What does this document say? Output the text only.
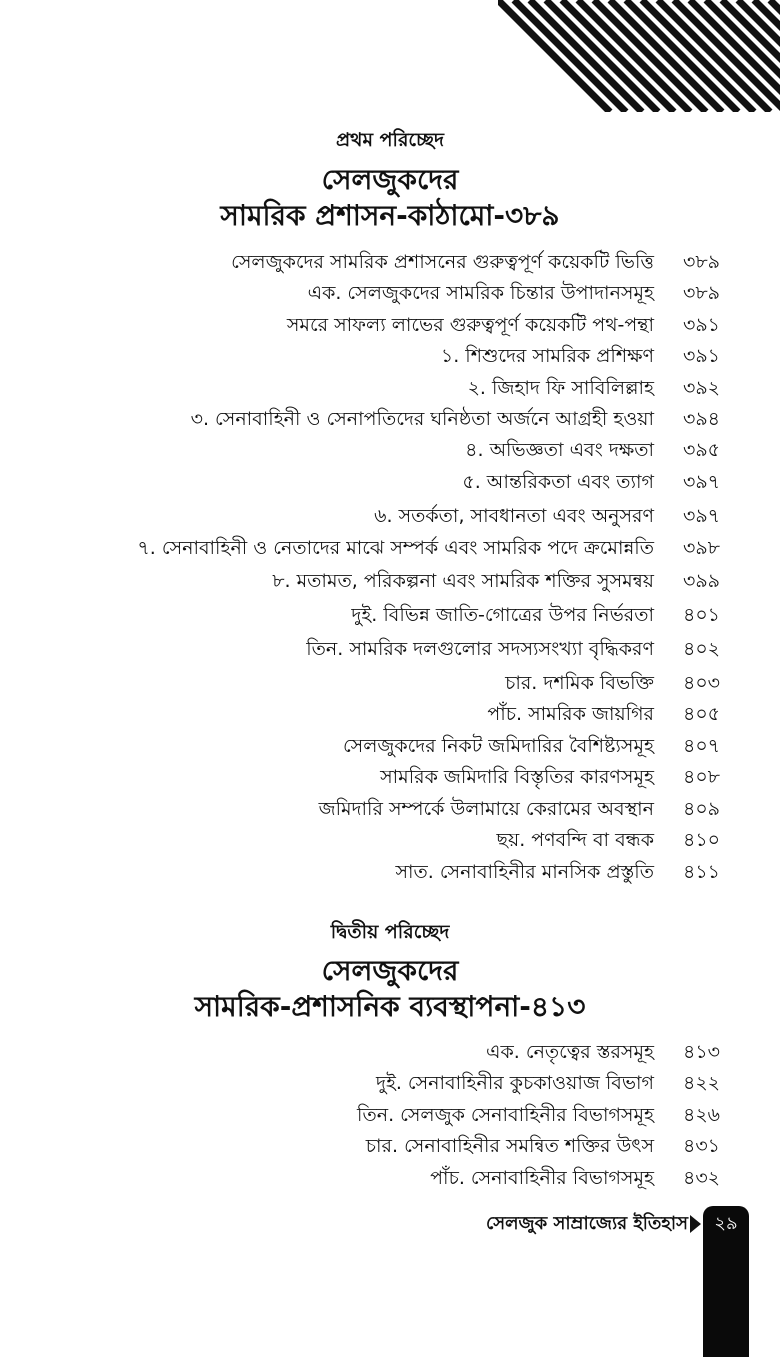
প্রথম পরিচ্ছেদ
সেলজুকদের
সামরিক প্রশাসন-কাঠামো-৩৮৯
সেলজুকদের সামরিক প্রশাসনের গুরুত্বপূর্ণ কয়েকটি ভিত্তি ৩৮৯
এক. সেলজুকদের সামরিক চিন্তার উপাদানসমূহ ৩৮৯
সমরে সাফল্য লাভের গুরুত্বপূর্ণ কয়েকটি পথ-পন্থা ৩৯১
১. শিশুদের সামরিক প্রশিক্ষণ ৩৯১
২. জিহাদ ফি সাবিলিল্লাহ ৩৯২
৩. সেনাবাহিনী ও সেনাপতিদের ঘনিষ্ঠতা অর্জনে আগ্রহী হওয়া ৩৯৪
৪. অভিজ্ঞতা এবং দক্ষতা ৩৯৫
৫. আন্তরিকতা এবং ত্যাগ ৩৯৭
৬. সতর্কতা, সাবধানতা এবং অনুসরণ ৩৯৭
৭. সেনাবাহিনী ও নেতাদের মাঝে সম্পর্ক এবং সামরিক পদে ক্রমোন্নতি ৩৯৮
৮. মতামত, পরিকল্পনা এবং সামরিক শক্তির সুসমন্বয় ৩৯৯
দুই. বিভিন্ন জাতি-গোত্রের উপর নির্ভরতা ৪০১
তিন. সামরিক দলগুলোর সদস্যসংখ্যা বৃদ্ধিকরণ ৪০২
চার. দশমিক বিভক্তি ৪০৩
পাঁচ. সামরিক জায়গির ৪০৫
সেলজুকদের নিকট জমিদারির বৈশিষ্ট্যসমূহ ৪০৭
সামরিক জমিদারি বিস্তৃতির কারণসমূহ ৪০৮
জমিদারি সম্পর্কে উলামায়ে কেরামের অবস্থান ৪০৯
ছয়. পণবন্দি বা বন্ধক ৪১০
সাত. সেনাবাহিনীর মানসিক প্রস্তুতি ৪১১
দ্বিতীয় পরিচ্ছেদ
সেলজুকদের
সামরিক-প্রশাসনিক ব্যবস্থাপনা-৪১৩
এক. নেতৃত্বের স্তরসমূহ ৪১৩
দুই. সেনাবাহিনীর কুচকাওয়াজ বিভাগ ৪২২
তিন. সেলজুক সেনাবাহিনীর বিভাগসমূহ ৪২৬
চার. সেনাবাহিনীর সমন্বিত শক্তির উৎস ৪৩১
পাঁচ. সেনাবাহিনীর বিভাগসমূহ ৪৩২
সেলজুক সাম্রাজ্যের ইতিহাস	২৯
